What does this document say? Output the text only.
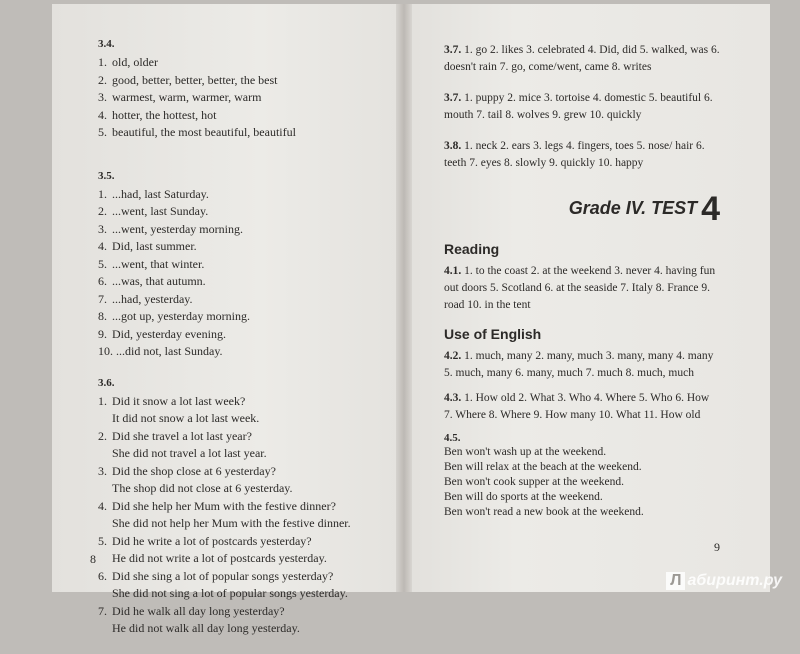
3.4.

1. old, older
2. good, better, better, better, the best
3. warmest, warm, warmer, warm
4. hotter, the hottest, hot
5. beautiful, the most beautiful, beautiful

3.5.

1. ...had, last Saturday.
2. ...went, last Sunday.
3. ...went, yesterday morning.
4. Did, last summer.
5. ...went, that winter.
6. ...was, that autumn.
7. ...had, yesterday.
8. ...got up, yesterday morning.
9. Did, yesterday evening.
10. ...did not, last Sunday.

3.6.

1. Did it snow a lot last week?
It did not snow a lot last week.
2. Did she travel a lot last year?
She did not travel a lot last year.
3. Did the shop close at 6 yesterday?
The shop did not close at 6 yesterday.
4. Did she help her Mum with the festive dinner?
She did not help her Mum with the festive dinner.
5. Did he write a lot of postcards yesterday?
He did not write a lot of postcards yesterday.
6. Did she sing a lot of popular songs yesterday?
She did not sing a lot of popular songs yesterday.
7. Did he walk all day long yesterday?
He did not walk all day long yesterday.
8

3.7. 1. go 2. likes 3. celebrated 4. Did, did 5. walked, was 6. doesn't rain 7. go, come/went, came 8. writes

3.7. 1. puppy 2. mice 3. tortoise 4. domestic 5. beautiful 6. mouth 7. tail 8. wolves 9. grew 10. quickly

3.8. 1. neck 2. ears 3. legs 4. fingers, toes 5. nose/ hair 6. teeth 7. eyes 8. slowly 9. quickly 10. happy

Grade IV. TEST 4
Reading

4.1. 1. to the coast 2. at the weekend 3. never 4. having fun out doors 5. Scotland 6. at the seaside 7. Italy 8. France 9. road 10. in the tent

Use of English

4.2. 1. much, many 2. many, much 3. many, many 4. many 5. much, many 6. many, much 7. much 8. much, much

4.3. 1. How old 2. What 3. Who 4. Where 5. Who 6. How 7. Where 8. Where 9. How many 10. What 11. How old

4.5.

Ben won't wash up at the weekend.
Ben will relax at the beach at the weekend.
Ben won't cook supper at the weekend.
Ben will do sports at the weekend.
Ben won't read a new book at the weekend.
9
Л абиринт.ру
